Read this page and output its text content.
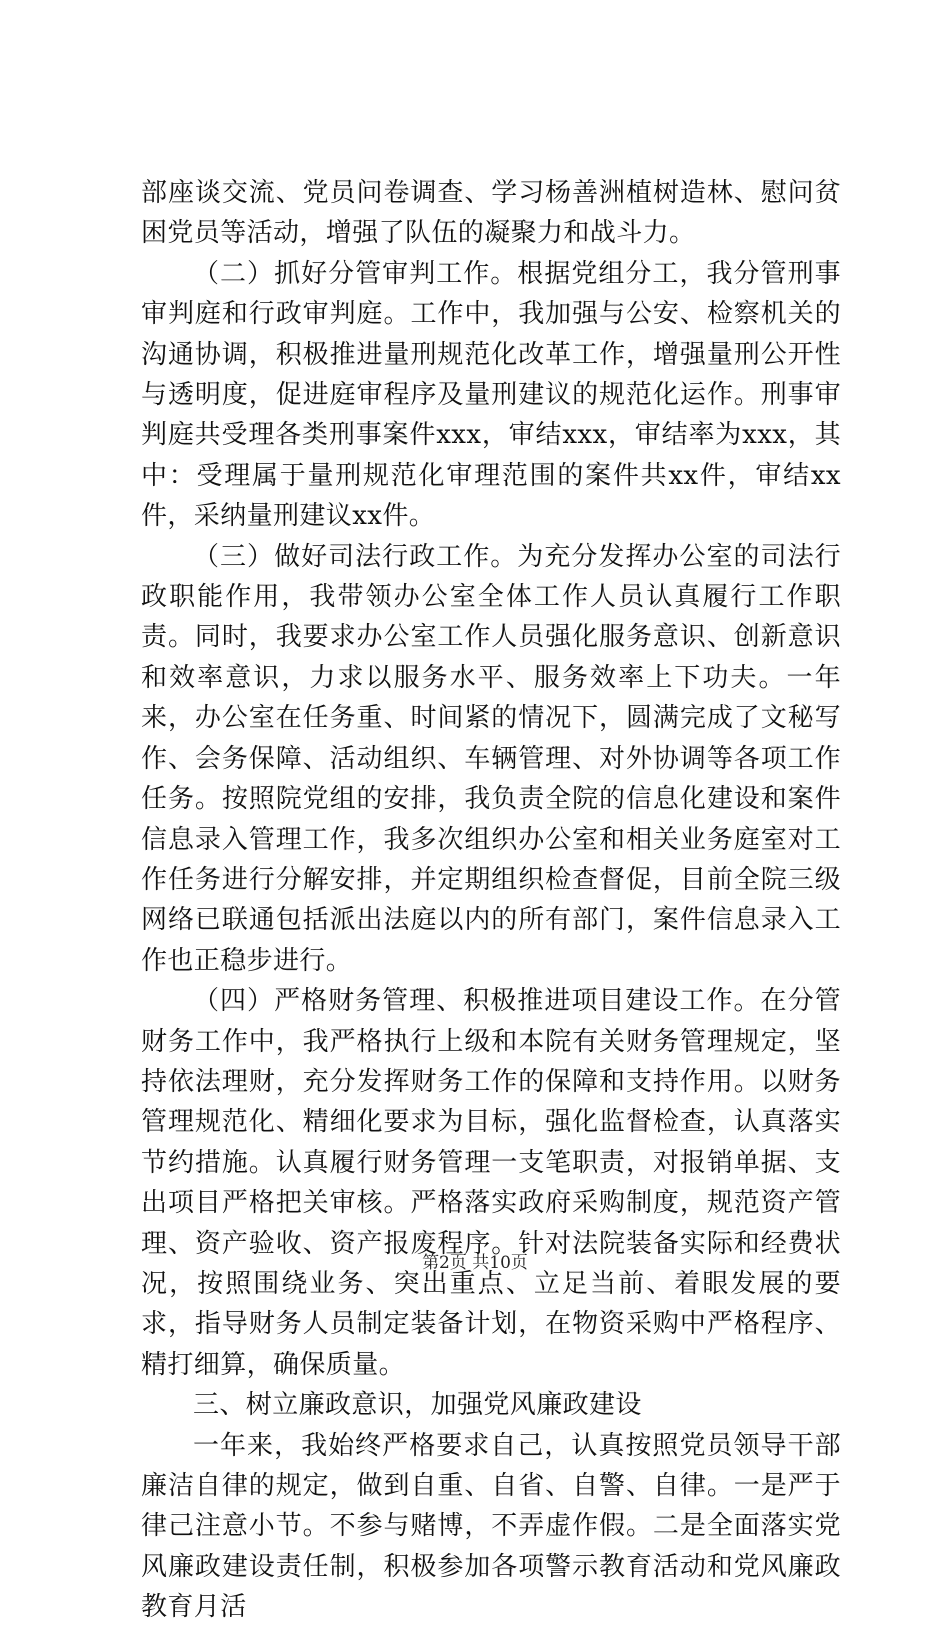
部座谈交流、党员问卷调查、学习杨善洲植树造林、慰问贫困党员等活动，增强了队伍的凝聚力和战斗力。

（二）抓好分管审判工作。根据党组分工，我分管刑事审判庭和行政审判庭。工作中，我加强与公安、检察机关的沟通协调，积极推进量刑规范化改革工作，增强量刑公开性与透明度，促进庭审程序及量刑建议的规范化运作。刑事审判庭共受理各类刑事案件xxx，审结xxx，审结率为xxx，其中：受理属于量刑规范化审理范围的案件共xx件，审结xx件，采纳量刑建议xx件。

（三）做好司法行政工作。为充分发挥办公室的司法行政职能作用，我带领办公室全体工作人员认真履行工作职责。同时，我要求办公室工作人员强化服务意识、创新意识和效率意识，力求以服务水平、服务效率上下功夫。一年来，办公室在任务重、时间紧的情况下，圆满完成了文秘写作、会务保障、活动组织、车辆管理、对外协调等各项工作任务。按照院党组的安排，我负责全院的信息化建设和案件信息录入管理工作，我多次组织办公室和相关业务庭室对工作任务进行分解安排，并定期组织检查督促，目前全院三级网络已联通包括派出法庭以内的所有部门，案件信息录入工作也正稳步进行。

（四）严格财务管理、积极推进项目建设工作。在分管财务工作中，我严格执行上级和本院有关财务管理规定，坚持依法理财，充分发挥财务工作的保障和支持作用。以财务管理规范化、精细化要求为目标，强化监督检查，认真落实节约措施。认真履行财务管理一支笔职责，对报销单据、支出项目严格把关审核。严格落实政府采购制度，规范资产管理、资产验收、资产报废程序。针对法院装备实际和经费状况，按照围绕业务、突出重点、立足当前、着眼发展的要求，指导财务人员制定装备计划，在物资采购中严格程序、精打细算，确保质量。

三、树立廉政意识，加强党风廉政建设

一年来，我始终严格要求自己，认真按照党员领导干部廉洁自律的规定，做到自重、自省、自警、自律。一是严于律己注意小节。不参与赌博，不弄虚作假。二是全面落实党风廉政建设责任制，积极参加各项警示教育活动和党风廉政教育月活

第2页 共10页
